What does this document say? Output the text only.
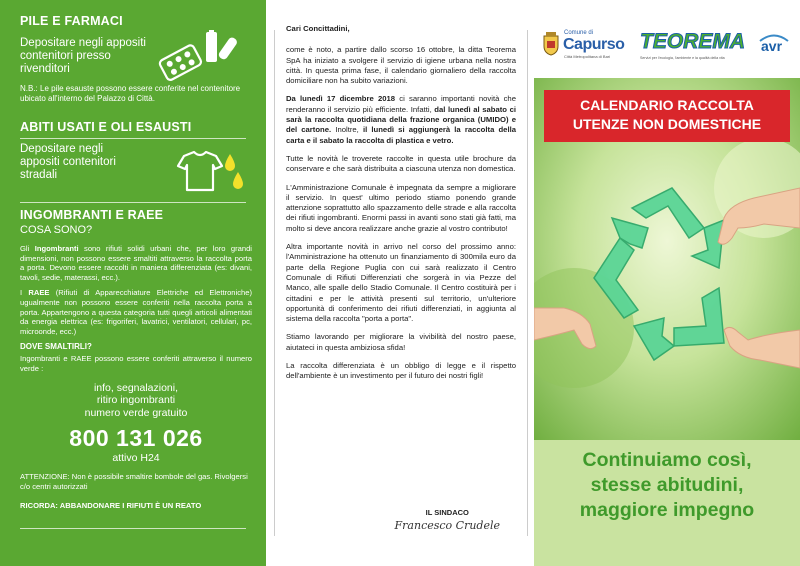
PILE E FARMACI
Depositare negli appositi contenitori presso rivenditori
N.B.: Le pile esauste possono essere conferite nel contenitore ubicato all'interno del Palazzo di Città.
ABITI USATI E OLI ESAUSTI
Depositare negli appositi contenitori stradali
INGOMBRANTI E RAEE
COSA SONO?

Gli Ingombranti sono rifiuti solidi urbani che, per loro grandi dimensioni, non possono essere smaltiti attraverso la raccolta porta a porta. Devono essere raccolti in maniera differenziata (es: divani, tavoli, sedie, materassi, ecc.).

I RAEE (Rifiuti di Apparecchiature Elettriche ed Elettroniche) ugualmente non possono essere conferiti nella raccolta porta a porta. Appartengono a questa categoria tutti quegli articoli alimentati da energia elettrica (es: frigoriferi, lavatrici, ventilatori, cellulari, pc, microonde, ecc.)

DOVE SMALTIRLI?

Ingombranti e RAEE possono essere conferiti attraverso il numero verde :

info, segnalazioni,
ritiro ingombranti
numero verde gratuito
800 131 026
attivo H24

ATTENZIONE: Non è possibile smaltire bombole del gas. Rivolgersi c/o centri autorizzati

RICORDA: ABBANDONARE I RIFIUTI È UN REATO

Cari Concittadini,

come è noto, a partire dallo scorso 16 ottobre, la ditta Teorema SpA ha iniziato a svolgere il servizio di igiene urbana nella nostra città. In questa prima fase, il calendario giornaliero della raccolta domiciliare non ha subito variazioni.

Da lunedì 17 dicembre 2018 ci saranno importanti novità che renderanno il servizio più efficiente. Infatti, dal lunedì al sabato ci sarà la raccolta quotidiana della frazione organica (UMIDO) e del cartone. Inoltre, il lunedì si aggiungerà la raccolta della carta e il sabato la raccolta di plastica e vetro.

Tutte le novità le troverete raccolte in questa utile brochure da conservare e che sarà distribuita a ciascuna utenza non domestica.

L'Amministrazione Comunale è impegnata da sempre a migliorare il servizio. In quest' ultimo periodo stiamo ponendo grande attenzione soprattutto allo spazzamento delle strade e alla raccolta dei rifiuti ingombranti. Enormi passi in avanti sono stati già fatti, ma molto si deve ancora realizzare anche grazie al vostro contributo!

Altra importante novità in arrivo nel corso del prossimo anno: l'Amministrazione ha ottenuto un finanziamento di 300mila euro da parte della Regione Puglia con cui sarà realizzato il Centro Comunale di Rifiuti Differenziati che sorgerà in via Pezze del Manco, alle spalle dello Stadio Comunale. Il Centro costituirà per i cittadini e per le attività presenti sul territorio, un'ulteriore opportunità di conferimento dei rifiuti differenziati, in aggiunta al sistema della raccolta "porta a porta".

Stiamo lavorando per migliorare la vivibilità del nostro paese, aiutateci in questa ambiziosa sfida!

La raccolta differenziata è un obbligo di legge e il rispetto dell'ambiente è un investimento per il futuro dei nostri figli!

IL SINDACO
Francesco Crudele
Comune di
Capurso
Città Metropolitana di Bari
TEOREMA
Servizi per l'ecologia, l'ambiente e la qualità della vita
avr
CALENDARIO RACCOLTA
UTENZE NON DOMESTICHE
Continuiamo così,
stesse abitudini,
maggiore impegno
